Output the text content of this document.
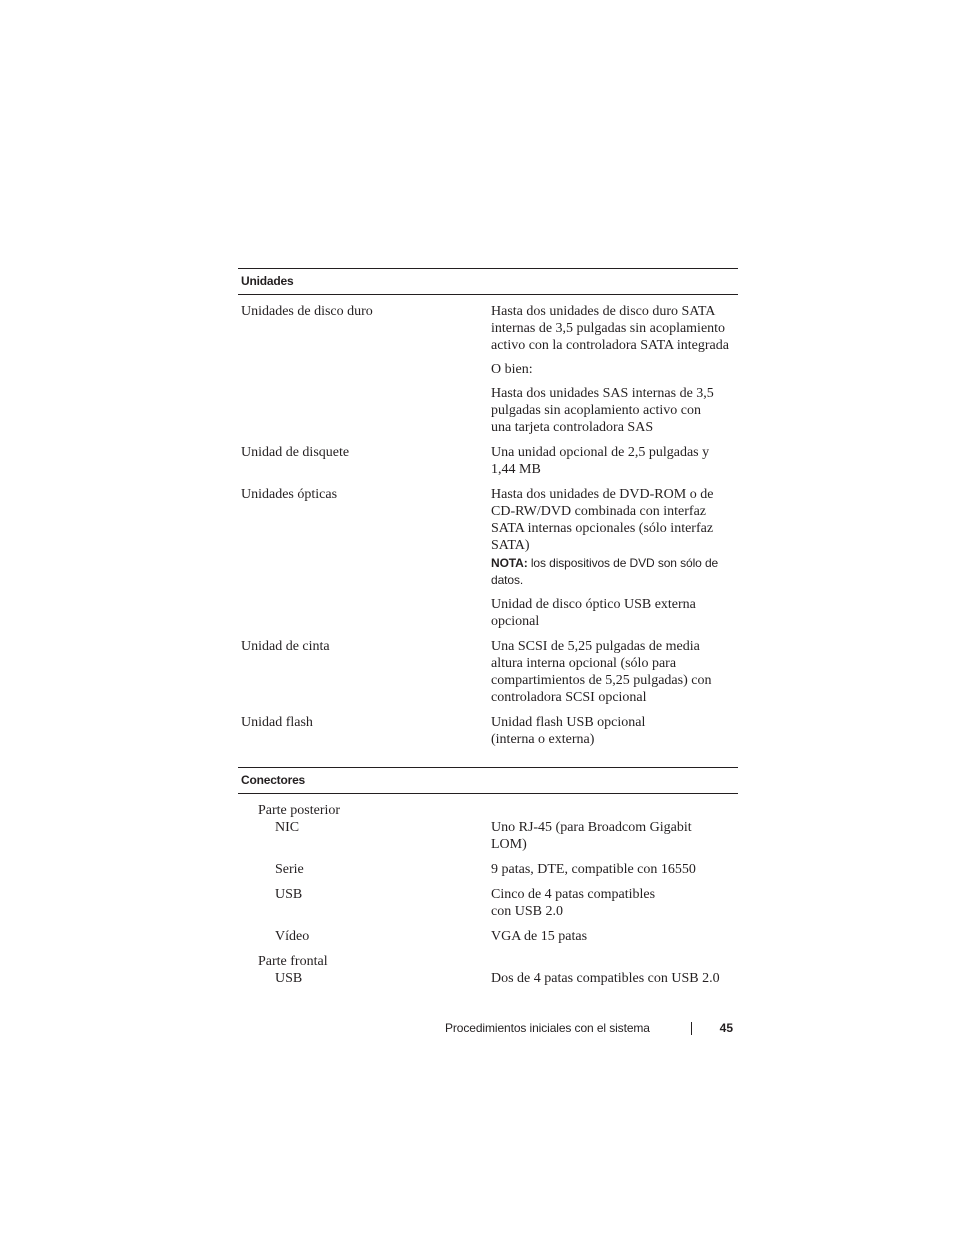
Unidades
Unidades de disco duro	Hasta dos unidades de disco duro SATA internas de 3,5 pulgadas sin acoplamiento activo con la controladora SATA integrada

O bien:

Hasta dos unidades SAS internas de 3,5 pulgadas sin acoplamiento activo con una tarjeta controladora SAS

Unidad de disquete	Una unidad opcional de 2,5 pulgadas y 1,44 MB

Unidades ópticas	Hasta dos unidades de DVD-ROM o de CD-RW/DVD combinada con interfaz SATA internas opcionales (sólo interfaz SATA)

NOTA: los dispositivos de DVD son sólo de datos.

Unidad de disco óptico USB externa opcional

Unidad de cinta	Una SCSI de 5,25 pulgadas de media altura interna opcional (sólo para compartimientos de 5,25 pulgadas) con controladora SCSI opcional

Unidad flash	Unidad flash USB opcional (interna o externa)

Conectores
Parte posterior

NIC	Uno RJ-45 (para Broadcom Gigabit LOM)

Serie	9 patas, DTE, compatible con 16550

USB	Cinco de 4 patas compatibles con USB 2.0

Vídeo	VGA de 15 patas

Parte frontal

USB	Dos de 4 patas compatibles con USB 2.0

Procedimientos iniciales con el sistema	45
